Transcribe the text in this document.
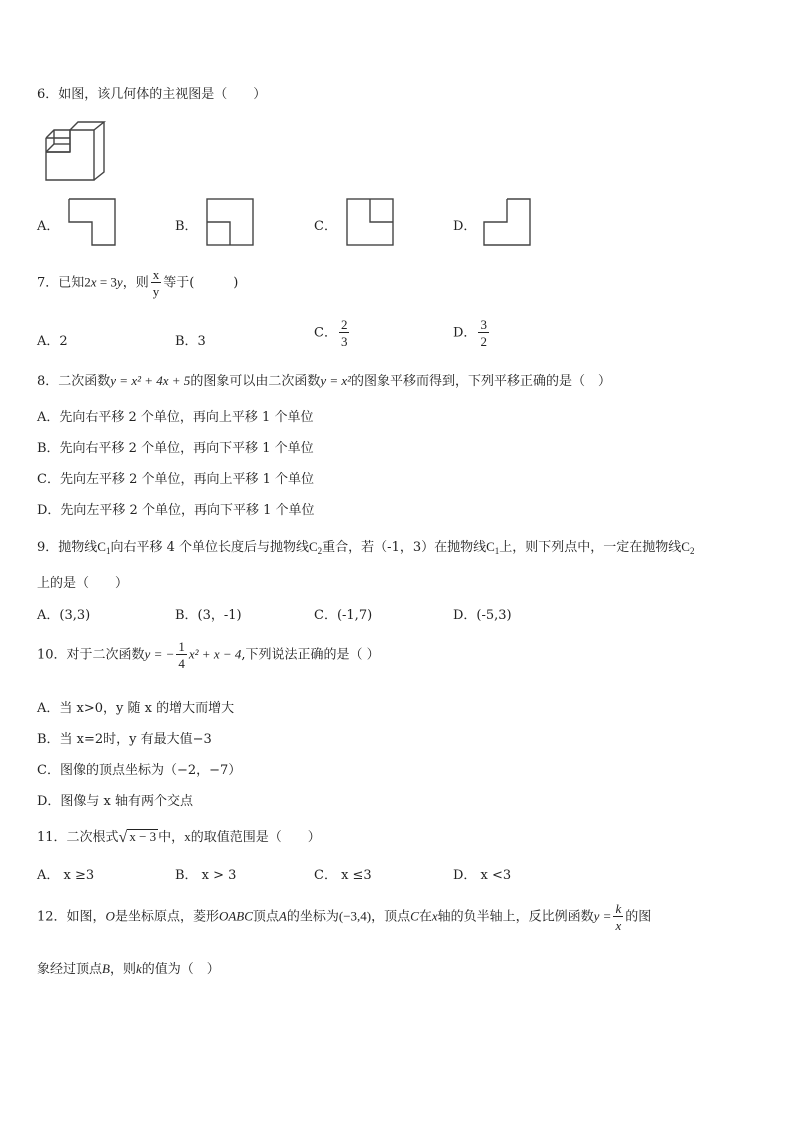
6．如图，该几何体的主视图是（　　）
A．	B．	C．	D．
7．已知2x = 3y，则 $\frac{x}{y}$ 等于(　　　)
A．2	B．3
C． $\frac{2}{3}$	D． $\frac{3}{2}$
8．二次函数y = x² + 4x + 5的图象可以由二次函数y = x²的图象平移而得到，下列平移正确的是（　）
A．先向右平移 2 个单位，再向上平移 1 个单位
B．先向右平移 2 个单位，再向下平移 1 个单位
C．先向左平移 2 个单位，再向上平移 1 个单位
D．先向左平移 2 个单位，再向下平移 1 个单位
9．抛物线$C_1$向右平移 4 个单位长度后与抛物线$C_2$重合，若（-1，3）在抛物线$C_1$上，则下列点中，一定在抛物线$C_2$
上的是（　　）
A．(3,3)	B．(3，-1)	C．(-1,7)	D．(-5,3)
10．对于二次函数y = − $\frac{1}{4} x^2 + x - 4$,下列说法正确的是（ ）
A．当 x>0，y 随 x 的增大而增大
B．当 x=2时，y 有最大值−3
C．图像的顶点坐标为（−2，−7）
D．图像与 x 轴有两个交点
11．二次根式√ x − 3 中，x的取值范围是（　　）
A． x ≥3	B． x > 3	C． x ≤3	D． x <3
12．如图，O是坐标原点，菱形OABC顶点A的坐标为(−3,4)，顶点C在x轴的负半轴上，反比例函数$y = \frac{k}{x}$ 的图
象经过顶点B，则k的值为（　）
